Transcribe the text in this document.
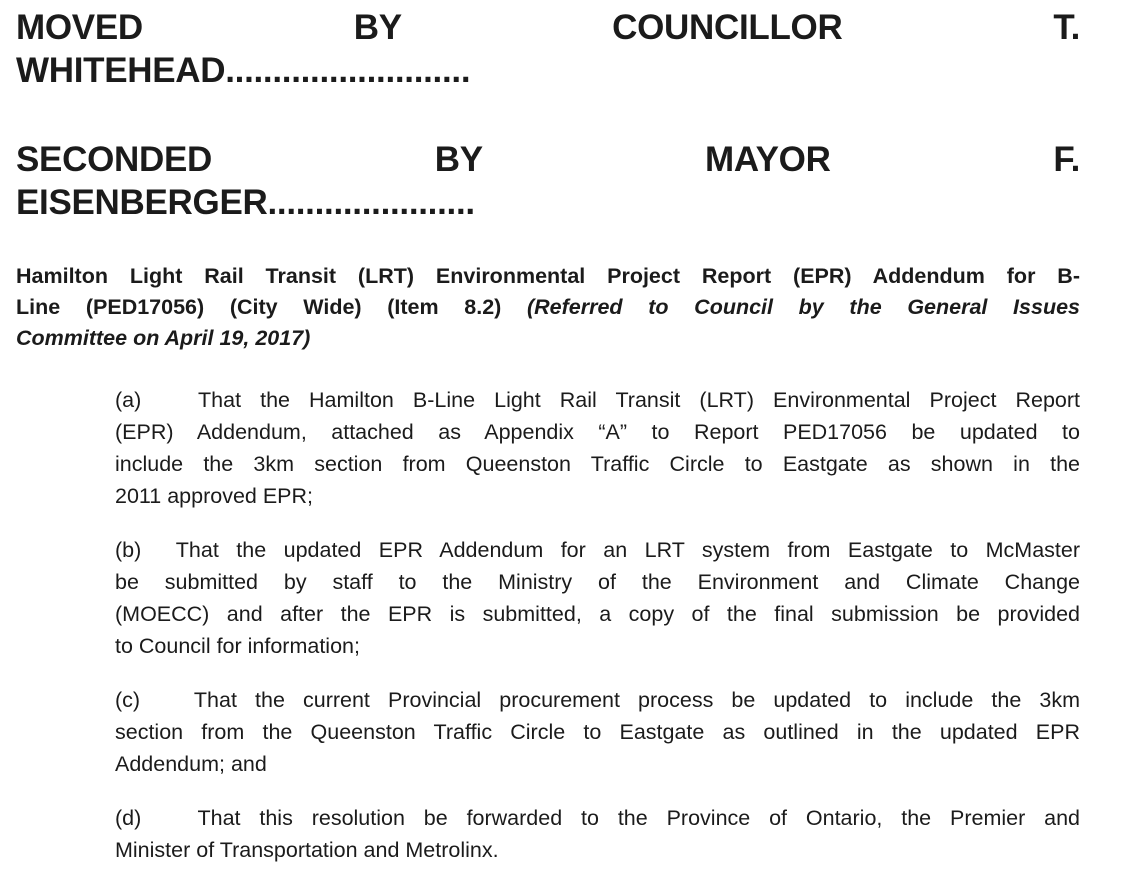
MOVED BY COUNCILLOR T.
WHITEHEAD..........................
SECONDED BY MAYOR F.
EISENBERGER......................
Hamilton Light Rail Transit (LRT) Environmental Project Report (EPR) Addendum for B-
Line (PED17056) (City Wide) (Item 8.2) (Referred to Council by the General Issues
Committee on April 19, 2017)
(a)   That the Hamilton B-Line Light Rail Transit (LRT) Environmental Project Report
(EPR) Addendum, attached as Appendix “A” to Report PED17056 be updated to
include the 3km section from Queenston Traffic Circle to Eastgate as shown in the
2011 approved EPR;
(b)  That the updated EPR Addendum for an LRT system from Eastgate to McMaster
be submitted by staff to the Ministry of the Environment and Climate Change
(MOECC) and after the EPR is submitted, a copy of the final submission be provided
to Council for information;
(c)   That the current Provincial procurement process be updated to include the 3km
section from the Queenston Traffic Circle to Eastgate as outlined in the updated EPR
Addendum; and
(d)   That this resolution be forwarded to the Province of Ontario, the Premier and
Minister of Transportation and Metrolinx.
